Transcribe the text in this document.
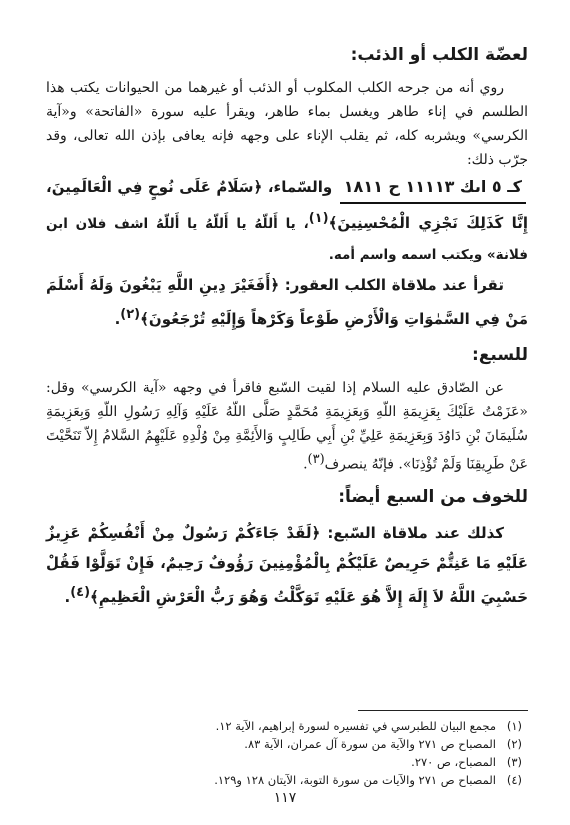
لعضّة الكلب أو الذئب:

روي أنه من جرحه الكلب المكلوب أو الذئب أو غيرهما من الحيوانات يكتب هذا الطلسم في إناء طاهر ويغسل بماء طاهر، ويقرأ عليه سورة «الفاتحة» و«آية الكرسي» ويشربه كله، ثم يقلب الإناء على وجهه فإنه يعافى بإذن الله تعالى، وقد جرّب ذلك:

كـ ٥ اىك ١١١١٣ ح ١٨١١ والسّماء، ﴿سَلَامٌ عَلَى نُوحٍ فِي الْعَالَمِينَ، إِنَّا كَذَلِكَ نَجْزِي الْمُحْسِنِينَ﴾$^{(١)}$، يا أَللّهُ يا أَللّهُ يا أَللّهُ اشف فلان ابن فلانة» ويكتب اسمه واسم أمه.

تقرأ عند ملاقاة الكلب العقور: ﴿أَفَغَيْرَ دِينِ اللَّهِ يَبْغُونَ وَلَهُ أَسْلَمَ مَنْ فِي السَّمٰوَاتِ وَالْأَرْضِ طَوْعاً وَكَرْهاً وَإِلَيْهِ تُرْجَعُونَ﴾$^{(٢)}$.

للسبع:

عن الصّادق عليه السلام إذا لقيت السّبع فاقرأ في وجهه «آية الكرسي» وقل: «عَزَمْتُ عَلَيْكَ بِعَزِيمَةِ اللّهِ وَبِعَزِيمَةِ مُحَمَّدٍ صَلَّى اللّهُ عَلَيْهِ وَآلِهِ رَسُولِ اللّهِ وَبِعَزِيمَةِ سُلَيمَانَ بْنِ دَاوُدَ وَبِعَزِيمَةِ عَلِيِّ بْنِ أَبِي طَالِبٍ وَالأَئِمَّةِ مِنْ وُلْدِهِ عَلَيْهِمُ السَّلامُ إِلاّ تَنَحَّيْتَ عَنْ طَرِيقِنَا وَلَمْ تُؤْذِنَا». فإنّهُ ينصرف$^{(٣)}$.

للخوف من السبع أيضاً:

كذلك عند ملاقاة السّبع: ﴿لَقَدْ جَاءَكُمْ رَسُولٌ مِنْ أَنْفُسِكُمْ عَزِيزٌ عَلَيْهِ مَا عَنِتُّمْ حَرِيصٌ عَلَيْكُمْ بِالْمُؤْمِنِينَ رَؤُوفٌ رَحِيمٌ، فَإِنْ تَوَلَّوْا فَقُلْ حَسْبِيَ اللَّهُ لاَ إِلَهَ إِلاَّ هُوَ عَلَيْهِ تَوَكَّلْتُ وَهُوَ رَبُّ الْعَرْشِ الْعَظِيمِ﴾$^{(٤)}$.

(١)مجمع البيان للطبرسي في تفسيره لسورة إبراهيم، الآية ١٢.

(٢)المصباح ص ٢٧١ والآية من سورة آل عمران، الآية ٨٣.

(٣)المصباح، ص ٢٧٠.

(٤)المصباح ص ٢٧١ والآيات من سورة التوبة، الآيتان ١٢٨ و١٢٩.

١١٧
